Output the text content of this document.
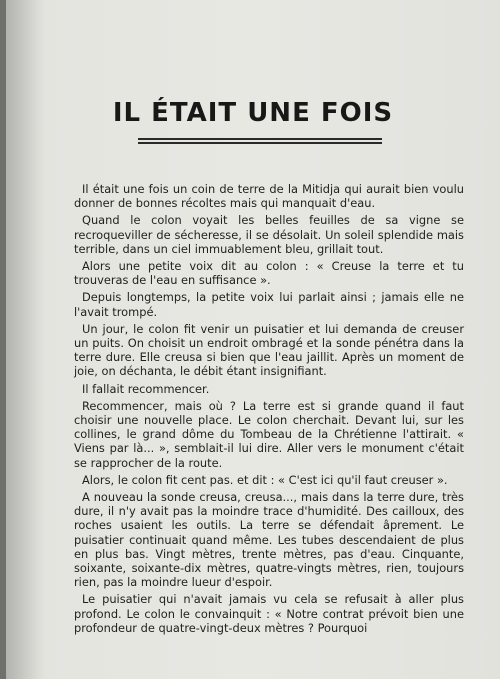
IL ÉTAIT UNE FOIS

Il était une fois un coin de terre de la Mitidja qui aurait bien voulu donner de bonnes récoltes mais qui manquait d'eau.

Quand le colon voyait les belles feuilles de sa vigne se recroqueviller de sécheresse, il se désolait. Un soleil splendide mais terrible, dans un ciel immuablement bleu, grillait tout.

Alors une petite voix dit au colon : « Creuse la terre et tu trouveras de l'eau en suffisance ».

Depuis longtemps, la petite voix lui parlait ainsi ; jamais elle ne l'avait trompé.

Un jour, le colon fit venir un puisatier et lui demanda de creuser un puits. On choisit un endroit ombragé et la sonde pénétra dans la terre dure. Elle creusa si bien que l'eau jaillit. Après un moment de joie, on déchanta, le débit étant insignifiant.

Il fallait recommencer.

Recommencer, mais où ? La terre est si grande quand il faut choisir une nouvelle place. Le colon cherchait. Devant lui, sur les collines, le grand dôme du Tombeau de la Chrétienne l'attirait. « Viens par là... », semblait-il lui dire. Aller vers le monument c'était se rapprocher de la route.

Alors, le colon fit cent pas. et dit : « C'est ici qu'il faut creuser ».

A nouveau la sonde creusa, creusa..., mais dans la terre dure, très dure, il n'y avait pas la moindre trace d'humidité. Des cailloux, des roches usaient les outils. La terre se défendait âprement. Le puisatier continuait quand même. Les tubes descendaient de plus en plus bas. Vingt mètres, trente mètres, pas d'eau. Cinquante, soixante, soixante-dix mètres, quatre-vingts mètres, rien, toujours rien, pas la moindre lueur d'espoir.

Le puisatier qui n'avait jamais vu cela se refusait à aller plus profond. Le colon le convainquit : « Notre contrat prévoit bien une profondeur de quatre-vingt-deux mètres ? Pourquoi
